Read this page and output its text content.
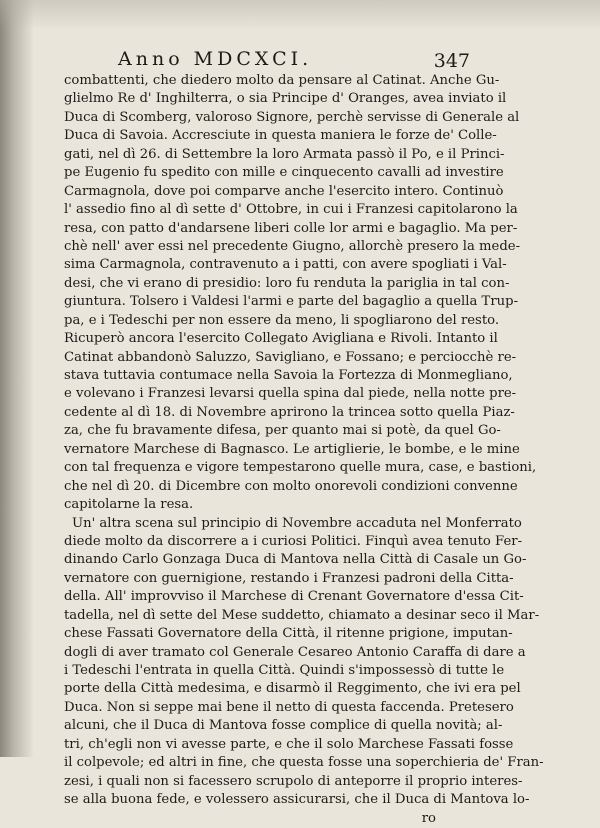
Anno MDCXCI.	347
combattenti, che diedero molto da pensare al Catinat. Anche Gu-
glielmo Re d' Inghilterra, o sia Principe d' Oranges, avea inviato il
Duca di Scomberg, valoroso Signore, perchè servisse di Generale al
Duca di Savoia. Accresciute in questa maniera le forze de' Colle-
gati, nel dì 26. di Settembre la loro Armata passò il Po, e il Princi-
pe Eugenio fu spedito con mille e cinquecento cavalli ad investire
Carmagnola, dove poi comparve anche l'esercito intero. Continuò
l' assedio fino al dì sette d' Ottobre, in cui i Franzesi capitolarono la
resa, con patto d'andarsene liberi colle lor armi e bagaglio. Ma per-
chè nell' aver essi nel precedente Giugno, allorchè presero la mede-
sima Carmagnola, contravenuto a i patti, con avere spogliati i Val-
desi, che vi erano di presidio: loro fu renduta la pariglia in tal con-
giuntura. Tolsero i Valdesi l'armi e parte del bagaglio a quella Trup-
pa, e i Tedeschi per non essere da meno, li spogliarono del resto.
Ricuperò ancora l'esercito Collegato Avigliana e Rivoli. Intanto il
Catinat abbandonò Saluzzo, Savigliano, e Fossano; e perciocchè re-
stava tuttavia contumace nella Savoia la Fortezza di Monmegliano,
e volevano i Franzesi levarsi quella spina dal piede, nella notte pre-
cedente al dì 18. di Novembre aprirono la trincea sotto quella Piaz-
za, che fu bravamente difesa, per quanto mai si potè, da quel Go-
vernatore Marchese di Bagnasco. Le artiglierie, le bombe, e le mine
con tal frequenza e vigore tempestarono quelle mura, case, e bastioni,
che nel dì 20. di Dicembre con molto onorevoli condizioni convenne
capitolarne la resa.
Un' altra scena sul principio di Novembre accaduta nel Monferrato
diede molto da discorrere a i curiosi Politici. Finquì avea tenuto Fer-
dinando Carlo Gonzaga Duca di Mantova nella Città di Casale un Go-
vernatore con guernigione, restando i Franzesi padroni della Citta-
della. All' improvviso il Marchese di Crenant Governatore d'essa Cit-
tadella, nel dì sette del Mese suddetto, chiamato a desinar seco il Mar-
chese Fassati Governatore della Città, il ritenne prigione, imputan-
dogli di aver tramato col Generale Cesareo Antonio Caraffa di dare a
i Tedeschi l'entrata in quella Città. Quindi s'impossessò di tutte le
porte della Città medesima, e disarmò il Reggimento, che ivi era pel
Duca. Non si seppe mai bene il netto di questa faccenda. Pretesero
alcuni, che il Duca di Mantova fosse complice di quella novità; al-
tri, ch'egli non vi avesse parte, e che il solo Marchese Fassati fosse
il colpevole; ed altri in fine, che questa fosse una soperchieria de' Fran-
zesi, i quali non si facessero scrupolo di anteporre il proprio interes-
se alla buona fede, e volessero assicurarsi, che il Duca di Mantova lo-
ro
